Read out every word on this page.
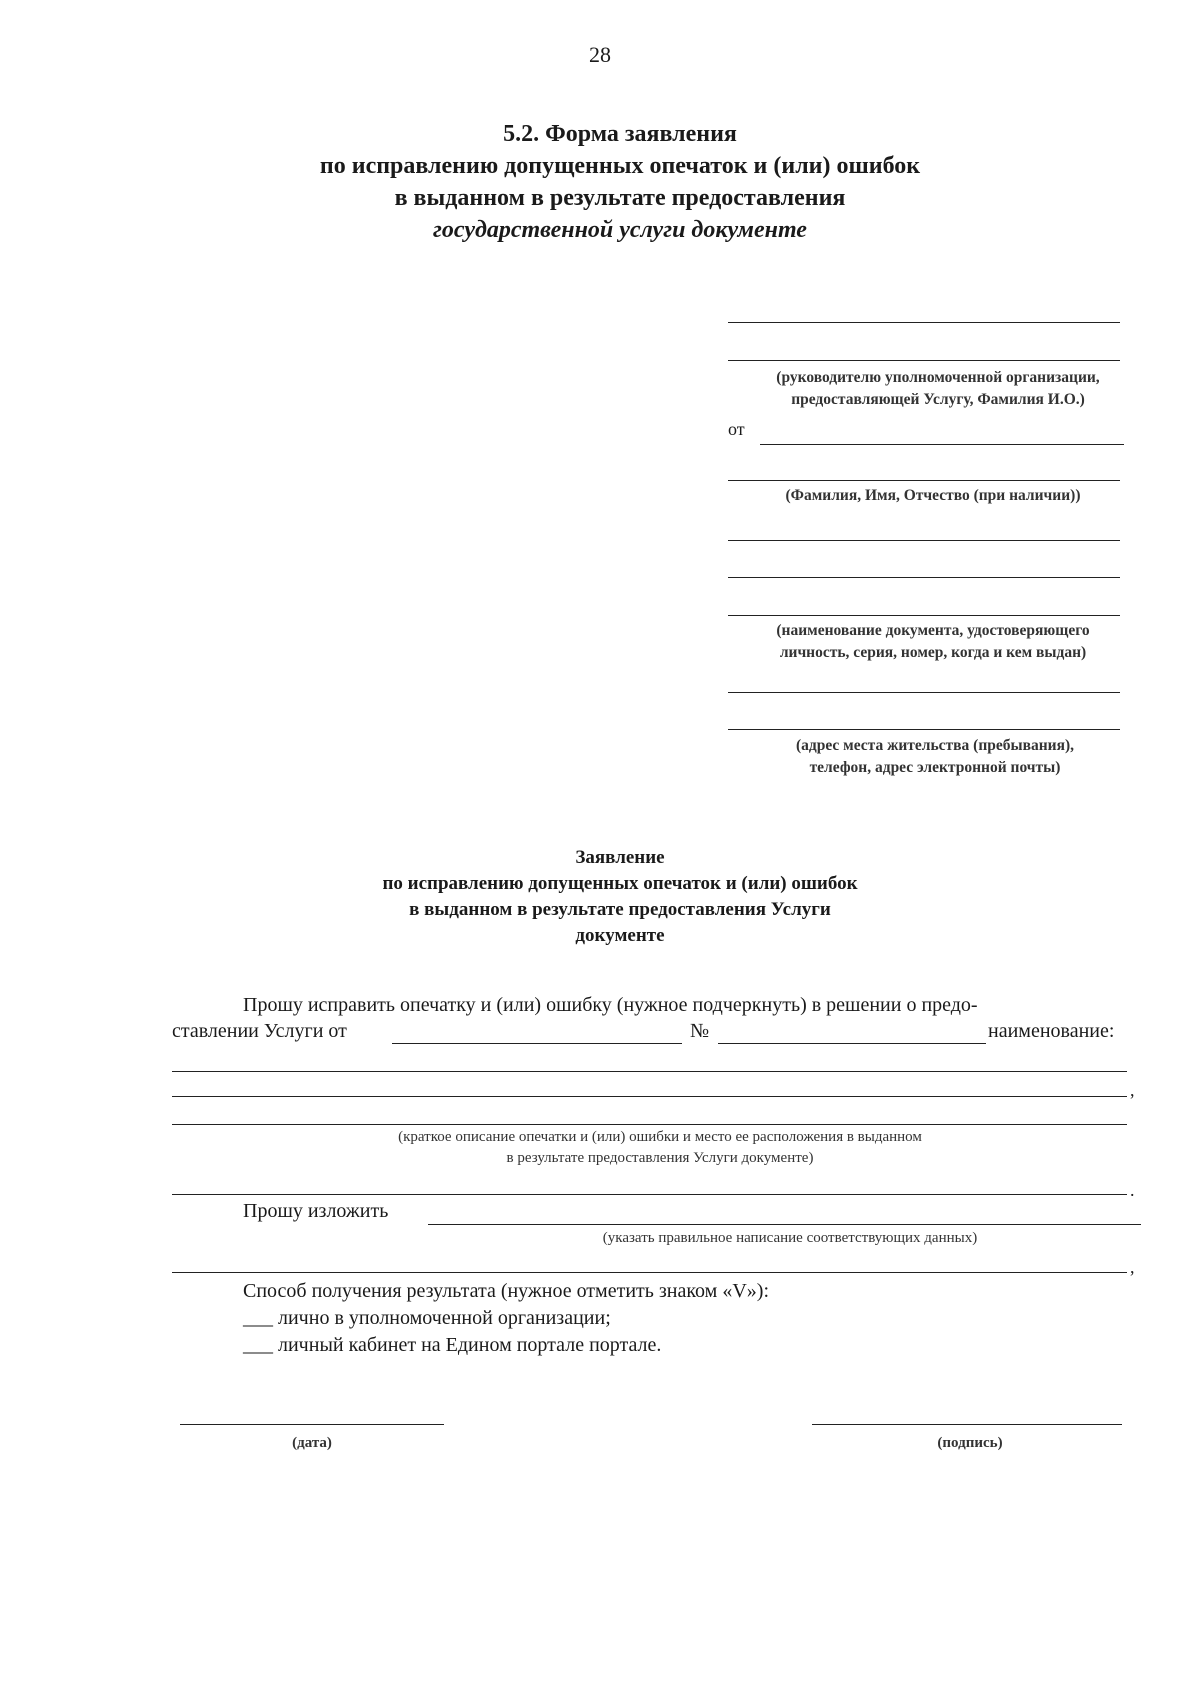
28
5.2. Форма заявления
по исправлению допущенных опечаток и (или) ошибок
в выданном в результате предоставления
государственной услуги документе
(руководителю уполномоченной организации,
предоставляющей Услугу, Фамилия И.О.)
от
(Фамилия, Имя, Отчество (при наличии))
(наименование документа, удостоверяющего
личность, серия, номер, когда и кем выдан)
(адрес места жительства (пребывания),
телефон, адрес электронной почты)
Заявление
по исправлению допущенных опечаток и (или) ошибок
в выданном в результате предоставления Услуги
документе
Прошу исправить опечатку и (или) ошибку (нужное подчеркнуть) в решении о предо-
ставлении Услуги от	№	наименование:
,
(краткое описание опечатки и (или) ошибки и место ее расположения в выданном
в результате предоставления Услуги документе)
.
Прошу изложить
(указать правильное написание соответствующих данных)
,
Способ получения результата (нужное отметить знаком «V»):
___ лично в уполномоченной организации;
___ личный кабинет на Едином портале портале.
(дата)	(подпись)
